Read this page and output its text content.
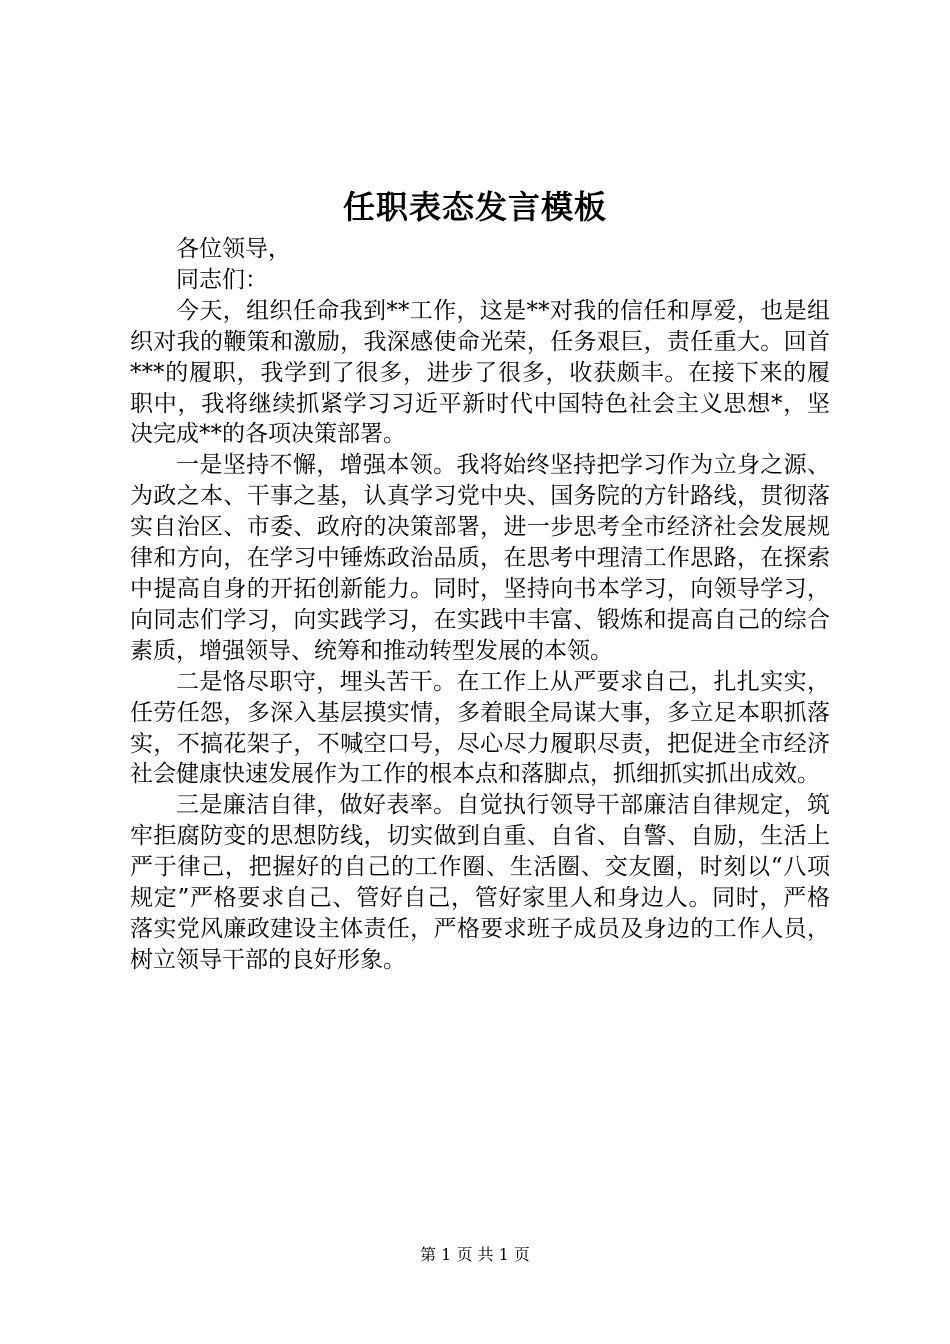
任职表态发言模板

各位领导，

同志们：

今天，组织任命我到**工作，这是**对我的信任和厚爱，也是组织对我的鞭策和激励，我深感使命光荣，任务艰巨，责任重大。回首***的履职，我学到了很多，进步了很多，收获颇丰。在接下来的履职中，我将继续抓紧学习习近平新时代中国特色社会主义思想*，坚决完成**的各项决策部署。

一是坚持不懈，增强本领。我将始终坚持把学习作为立身之源、为政之本、干事之基，认真学习党中央、国务院的方针路线，贯彻落实自治区、市委、政府的决策部署，进一步思考全市经济社会发展规律和方向，在学习中锤炼政治品质，在思考中理清工作思路，在探索中提高自身的开拓创新能力。同时，坚持向书本学习，向领导学习，向同志们学习，向实践学习，在实践中丰富、锻炼和提高自己的综合素质，增强领导、统筹和推动转型发展的本领。

二是恪尽职守，埋头苦干。在工作上从严要求自己，扎扎实实，任劳任怨，多深入基层摸实情，多着眼全局谋大事，多立足本职抓落实，不搞花架子，不喊空口号，尽心尽力履职尽责，把促进全市经济社会健康快速发展作为工作的根本点和落脚点，抓细抓实抓出成效。

三是廉洁自律，做好表率。自觉执行领导干部廉洁自律规定，筑牢拒腐防变的思想防线，切实做到自重、自省、自警、自励，生活上严于律己，把握好的自己的工作圈、生活圈、交友圈，时刻以“八项规定”严格要求自己、管好自己，管好家里人和身边人。同时，严格落实党风廉政建设主体责任，严格要求班子成员及身边的工作人员，树立领导干部的良好形象。

第 1 页 共 1 页
